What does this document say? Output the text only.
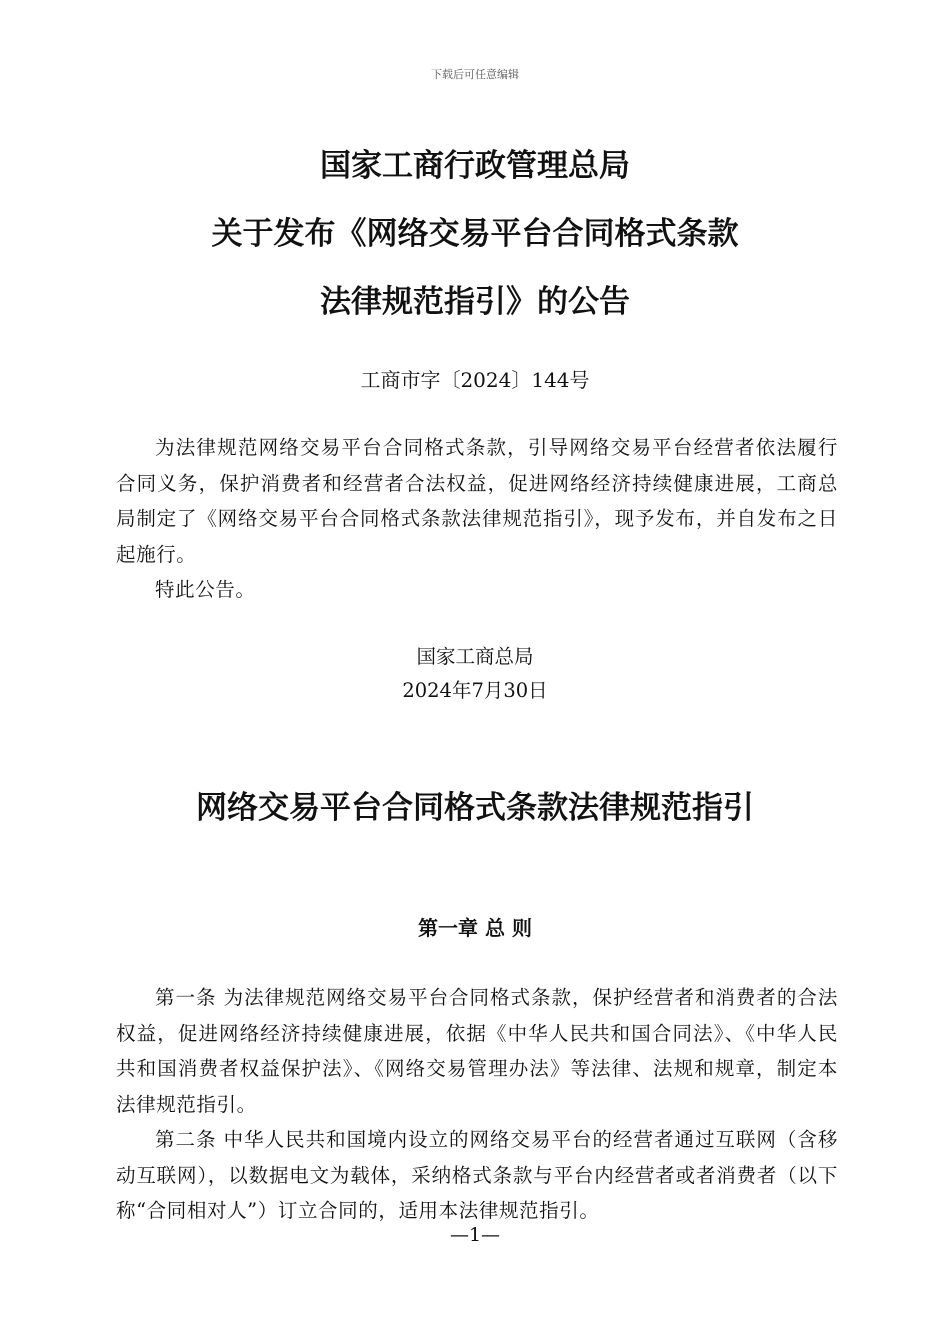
下载后可任意编辑
国家工商行政管理总局
关于发布《网络交易平台合同格式条款
法律规范指引》的公告
工商市字〔2024〕144号

为法律规范网络交易平台合同格式条款，引导网络交易平台经营者依法履行合同义务，保护消费者和经营者合法权益，促进网络经济持续健康进展，工商总局制定了《网络交易平台合同格式条款法律规范指引》，现予发布，并自发布之日起施行。

特此公告。

国家工商总局
2024年7月30日
网络交易平台合同格式条款法律规范指引
第一章 总 则

第一条 为法律规范网络交易平台合同格式条款，保护经营者和消费者的合法权益，促进网络经济持续健康进展，依据《中华人民共和国合同法》、《中华人民共和国消费者权益保护法》、《网络交易管理办法》等法律、法规和规章，制定本法律规范指引。

第二条 中华人民共和国境内设立的网络交易平台的经营者通过互联网（含移动互联网），以数据电文为载体，采纳格式条款与平台内经营者或者消费者（以下称“合同相对人”）订立合同的，适用本法律规范指引。

—1—
